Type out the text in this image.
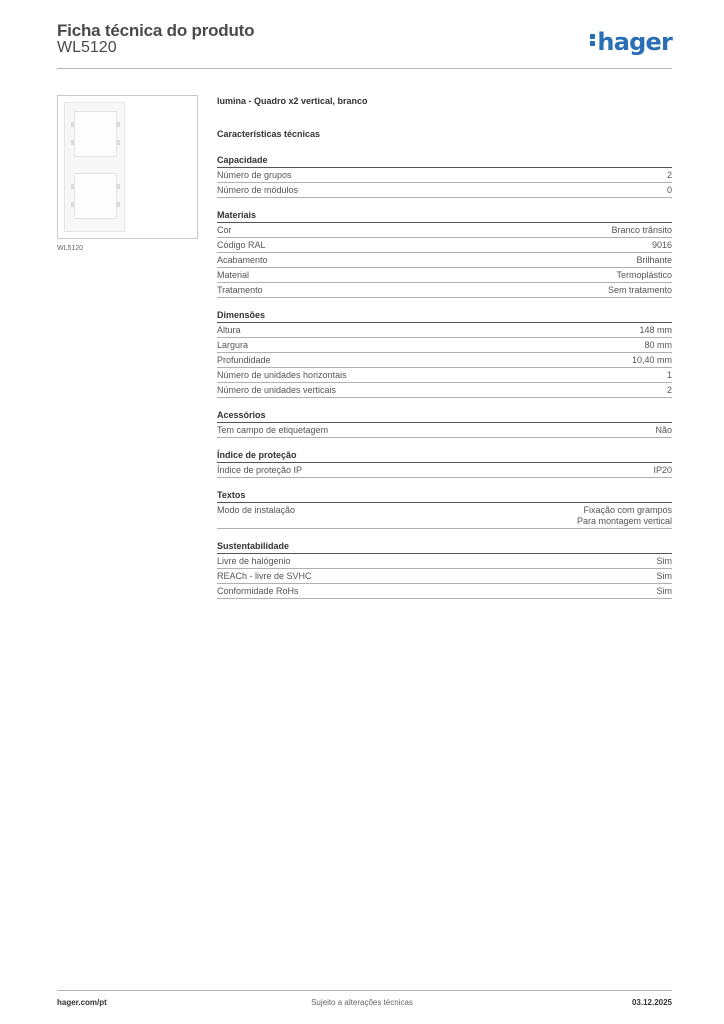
Ficha técnica do produto
WL5120	hager
WL5120
lumina - Quadro x2 vertical, branco
Características técnicas
Capacidade
Número de grupos	2
Número de módulos	0
Materiais
Cor	Branco trânsito
Código RAL	9016
Acabamento	Brilhante
Material	Termoplástico
Tratamento	Sem tratamento
Dimensões
Altura	148 mm
Largura	80 mm
Profundidade	10,40 mm
Número de unidades horizontais	1
Número de unidades verticais	2
Acessórios
Tem campo de etiquetagem	Não
Índice de proteção
Índice de proteção IP	IP20
Textos
Modo de instalação	Fixação com grampos
Para montagem vertical
Sustentabilidade
Livre de halógenio	Sim
REACh - livre de SVHC	Sim
Conformidade RoHs	Sim
hager.com/pt	Sujeito a alterações técnicas	03.12.2025
